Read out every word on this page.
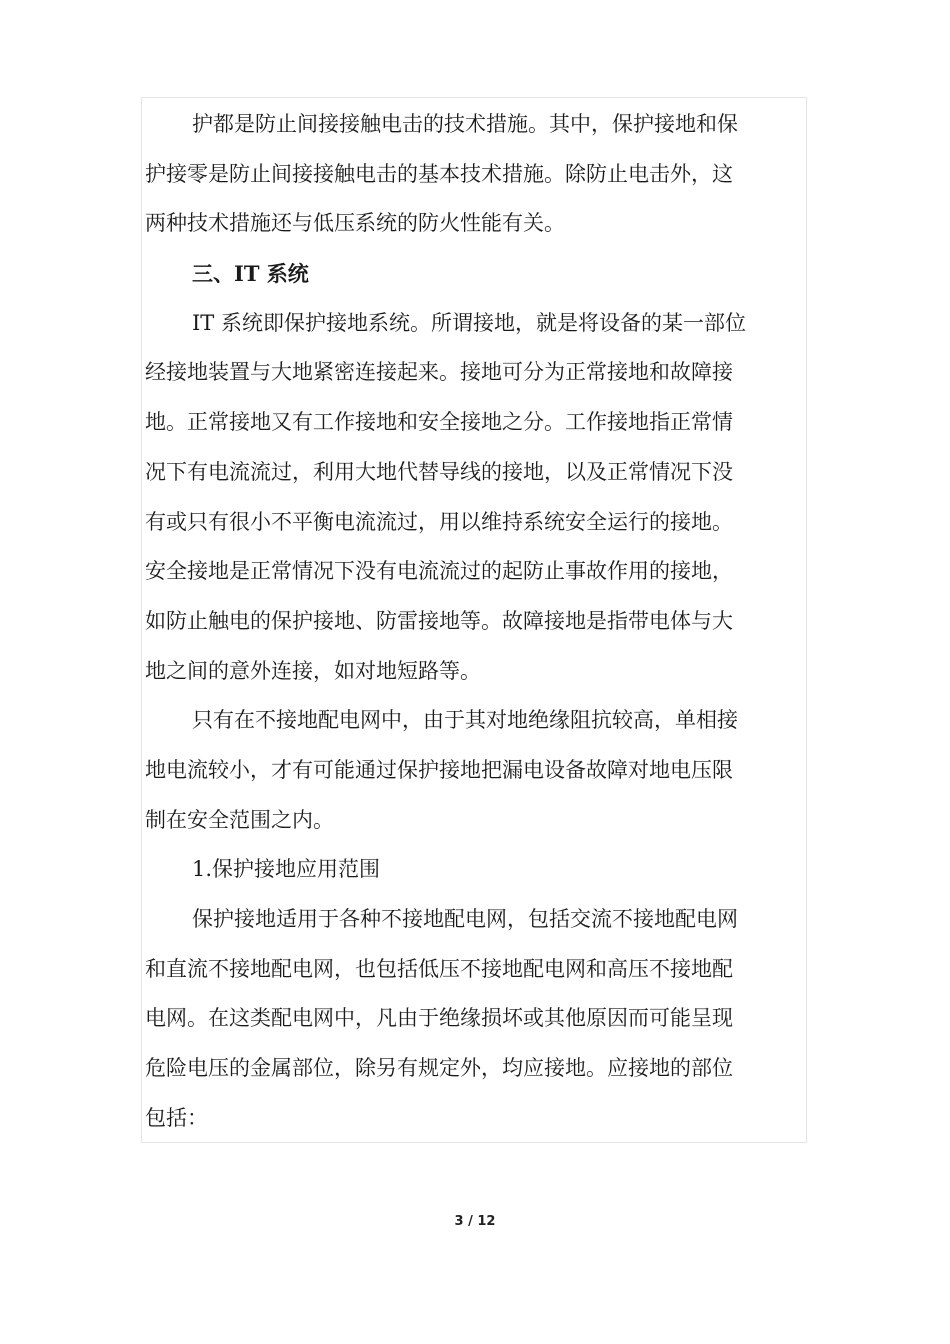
护都是防止间接接触电击的技术措施。其中，保护接地和保
护接零是防止间接接触电击的基本技术措施。除防止电击外，这
两种技术措施还与低压系统的防火性能有关。
三、IT 系统
IT 系统即保护接地系统。所谓接地，就是将设备的某一部位
经接地装置与大地紧密连接起来。接地可分为正常接地和故障接
地。正常接地又有工作接地和安全接地之分。工作接地指正常情
况下有电流流过，利用大地代替导线的接地，以及正常情况下没
有或只有很小不平衡电流流过，用以维持系统安全运行的接地。
安全接地是正常情况下没有电流流过的起防止事故作用的接地，
如防止触电的保护接地、防雷接地等。故障接地是指带电体与大
地之间的意外连接，如对地短路等。
只有在不接地配电网中，由于其对地绝缘阻抗较高，单相接
地电流较小，才有可能通过保护接地把漏电设备故障对地电压限
制在安全范围之内。
1.保护接地应用范围
保护接地适用于各种不接地配电网，包括交流不接地配电网
和直流不接地配电网，也包括低压不接地配电网和高压不接地配
电网。在这类配电网中，凡由于绝缘损坏或其他原因而可能呈现
危险电压的金属部位，除另有规定外，均应接地。应接地的部位
包括：
3 / 12
